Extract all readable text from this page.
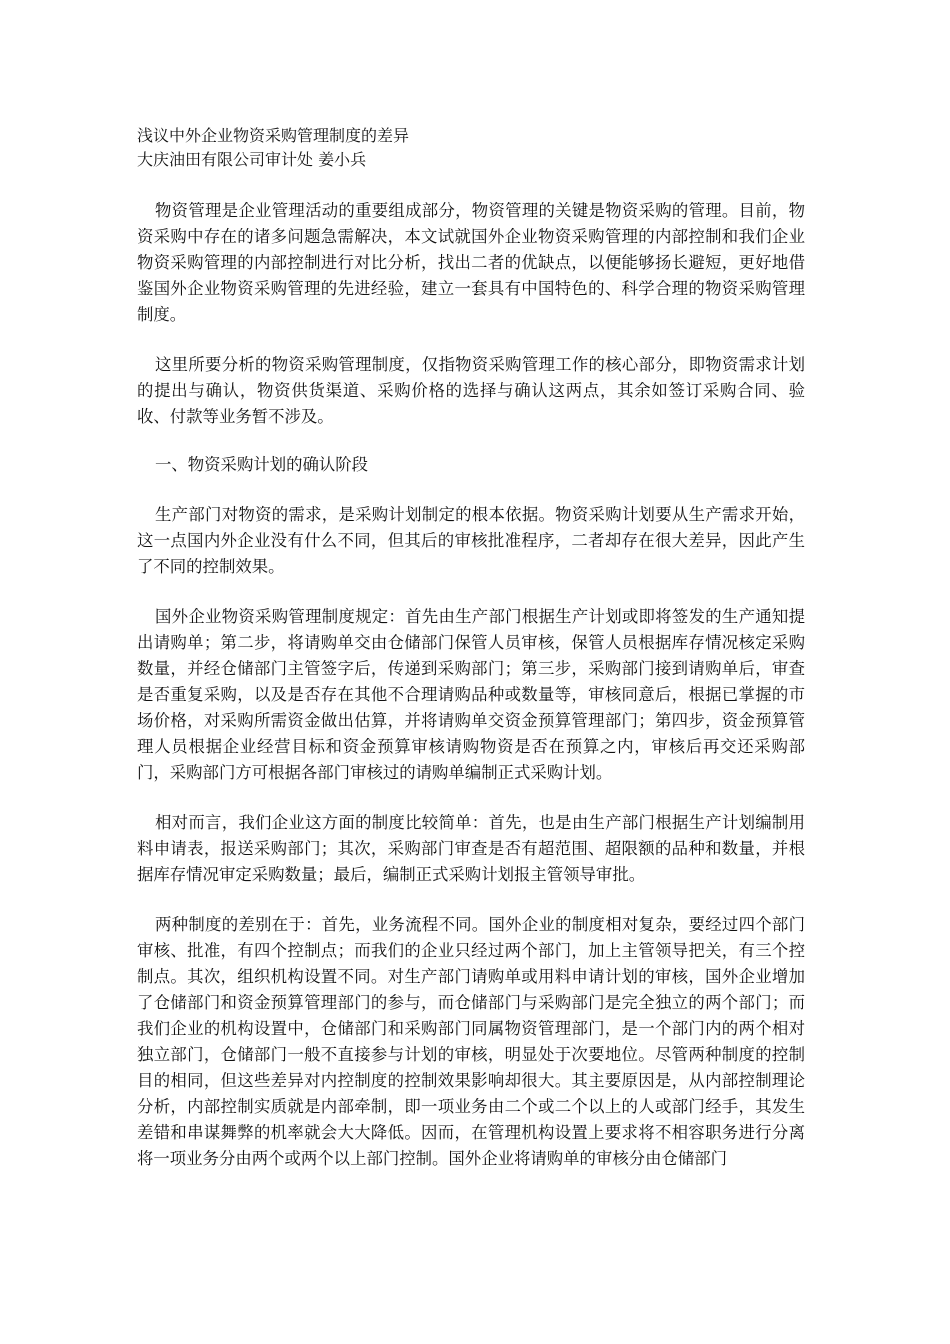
浅议中外企业物资采购管理制度的差异

大庆油田有限公司审计处 姜小兵

物资管理是企业管理活动的重要组成部分，物资管理的关键是物资采购的管理。目前，物资采购中存在的诸多问题急需解决，本文试就国外企业物资采购管理的内部控制和我们企业物资采购管理的内部控制进行对比分析，找出二者的优缺点，以便能够扬长避短，更好地借鉴国外企业物资采购管理的先进经验，建立一套具有中国特色的、科学合理的物资采购管理制度。

这里所要分析的物资采购管理制度，仅指物资采购管理工作的核心部分，即物资需求计划的提出与确认，物资供货渠道、采购价格的选择与确认这两点，其余如签订采购合同、验收、付款等业务暂不涉及。

一、物资采购计划的确认阶段

生产部门对物资的需求，是采购计划制定的根本依据。物资采购计划要从生产需求开始，这一点国内外企业没有什么不同，但其后的审核批准程序，二者却存在很大差异，因此产生了不同的控制效果。

国外企业物资采购管理制度规定：首先由生产部门根据生产计划或即将签发的生产通知提出请购单；第二步，将请购单交由仓储部门保管人员审核，保管人员根据库存情况核定采购数量，并经仓储部门主管签字后，传递到采购部门；第三步，采购部门接到请购单后，审查是否重复采购，以及是否存在其他不合理请购品种或数量等，审核同意后，根据已掌握的市场价格，对采购所需资金做出估算，并将请购单交资金预算管理部门；第四步，资金预算管理人员根据企业经营目标和资金预算审核请购物资是否在预算之内，审核后再交还采购部门，采购部门方可根据各部门审核过的请购单编制正式采购计划。

相对而言，我们企业这方面的制度比较简单：首先，也是由生产部门根据生产计划编制用料申请表，报送采购部门；其次，采购部门审查是否有超范围、超限额的品种和数量，并根据库存情况审定采购数量；最后，编制正式采购计划报主管领导审批。

两种制度的差别在于：首先，业务流程不同。国外企业的制度相对复杂，要经过四个部门审核、批准，有四个控制点；而我们的企业只经过两个部门，加上主管领导把关，有三个控制点。其次，组织机构设置不同。对生产部门请购单或用料申请计划的审核，国外企业增加了仓储部门和资金预算管理部门的参与，而仓储部门与采购部门是完全独立的两个部门；而我们企业的机构设置中，仓储部门和采购部门同属物资管理部门，是一个部门内的两个相对独立部门，仓储部门一般不直接参与计划的审核，明显处于次要地位。尽管两种制度的控制目的相同，但这些差异对内控制度的控制效果影响却很大。其主要原因是，从内部控制理论分析，内部控制实质就是内部牵制，即一项业务由二个或二个以上的人或部门经手，其发生差错和串谋舞弊的机率就会大大降低。因而，在管理机构设置上要求将不相容职务进行分离将一项业务分由两个或两个以上部门控制。国外企业将请购单的审核分由仓储部门
